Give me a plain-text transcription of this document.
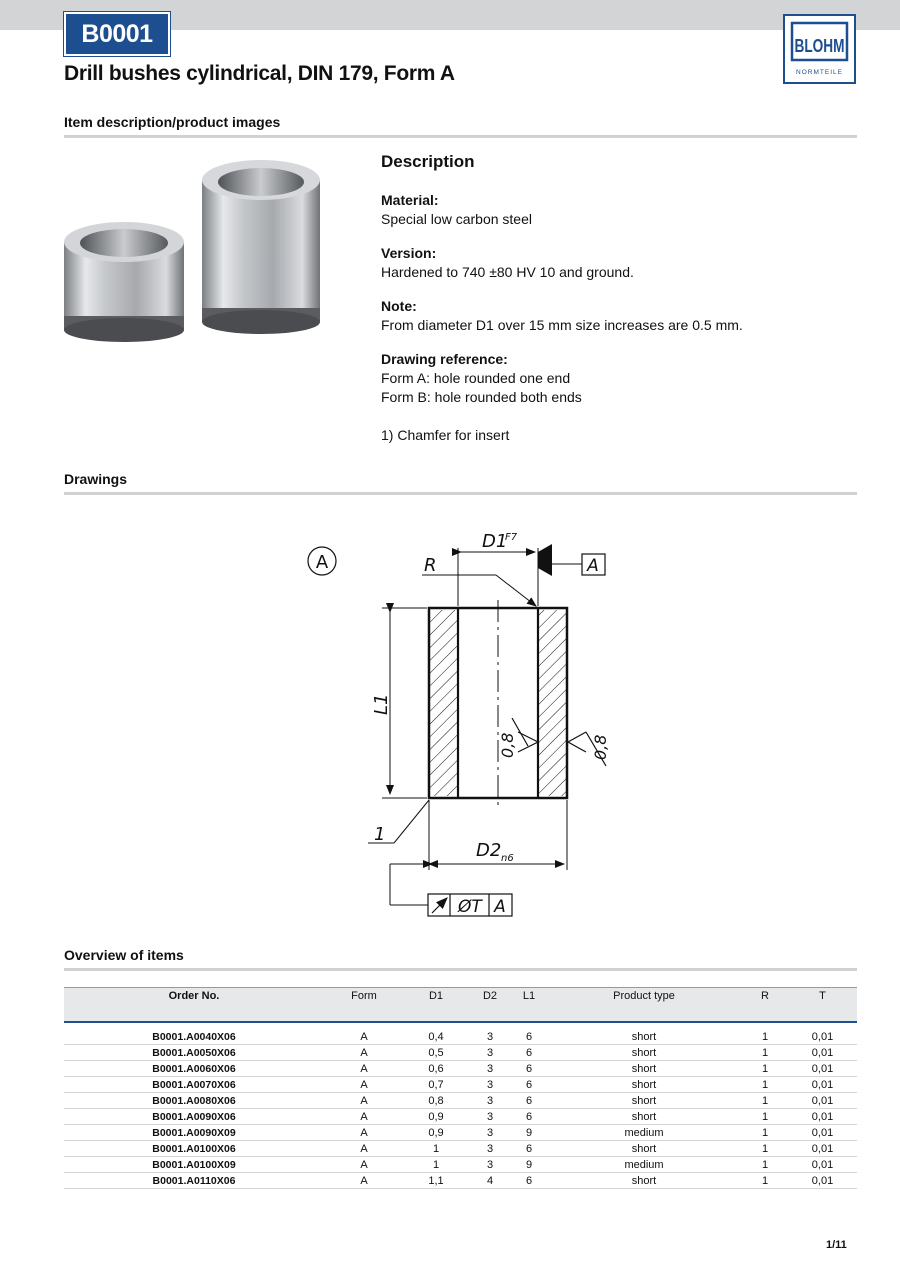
B0001	BLOHM
NORMTEILE
Drill bushes cylindrical, DIN 179, Form A
Item description/product images
Description
Material:
Special low carbon steel
Version:
Hardened to 740 ±80 HV 10 and ground.
Note:
From diameter D1 over 15 mm size increases are 0.5 mm.
Drawing reference:
Form A: hole rounded one end
Form B: hole rounded both ends
1) Chamfer for insert
Drawings
A
D1
F7
A
R
L1
0,8	0,8
1
D2 n6
ØT A
Overview of items
Order No.	Form	D1	D2	L1	Product type	R	T

B0001.A0040X06	A	0,4	3	6	short	1	0,01
B0001.A0050X06	A	0,5	3	6	short	1	0,01
B0001.A0060X06	A	0,6	3	6	short	1	0,01
B0001.A0070X06	A	0,7	3	6	short	1	0,01
B0001.A0080X06	A	0,8	3	6	short	1	0,01
B0001.A0090X06	A	0,9	3	6	short	1	0,01
B0001.A0090X09	A	0,9	3	9	medium	1	0,01
B0001.A0100X06	A	1	3	6	short	1	0,01
B0001.A0100X09	A	1	3	9	medium	1	0,01
B0001.A0110X06	A	1,1	4	6	short	1	0,01
1/11
